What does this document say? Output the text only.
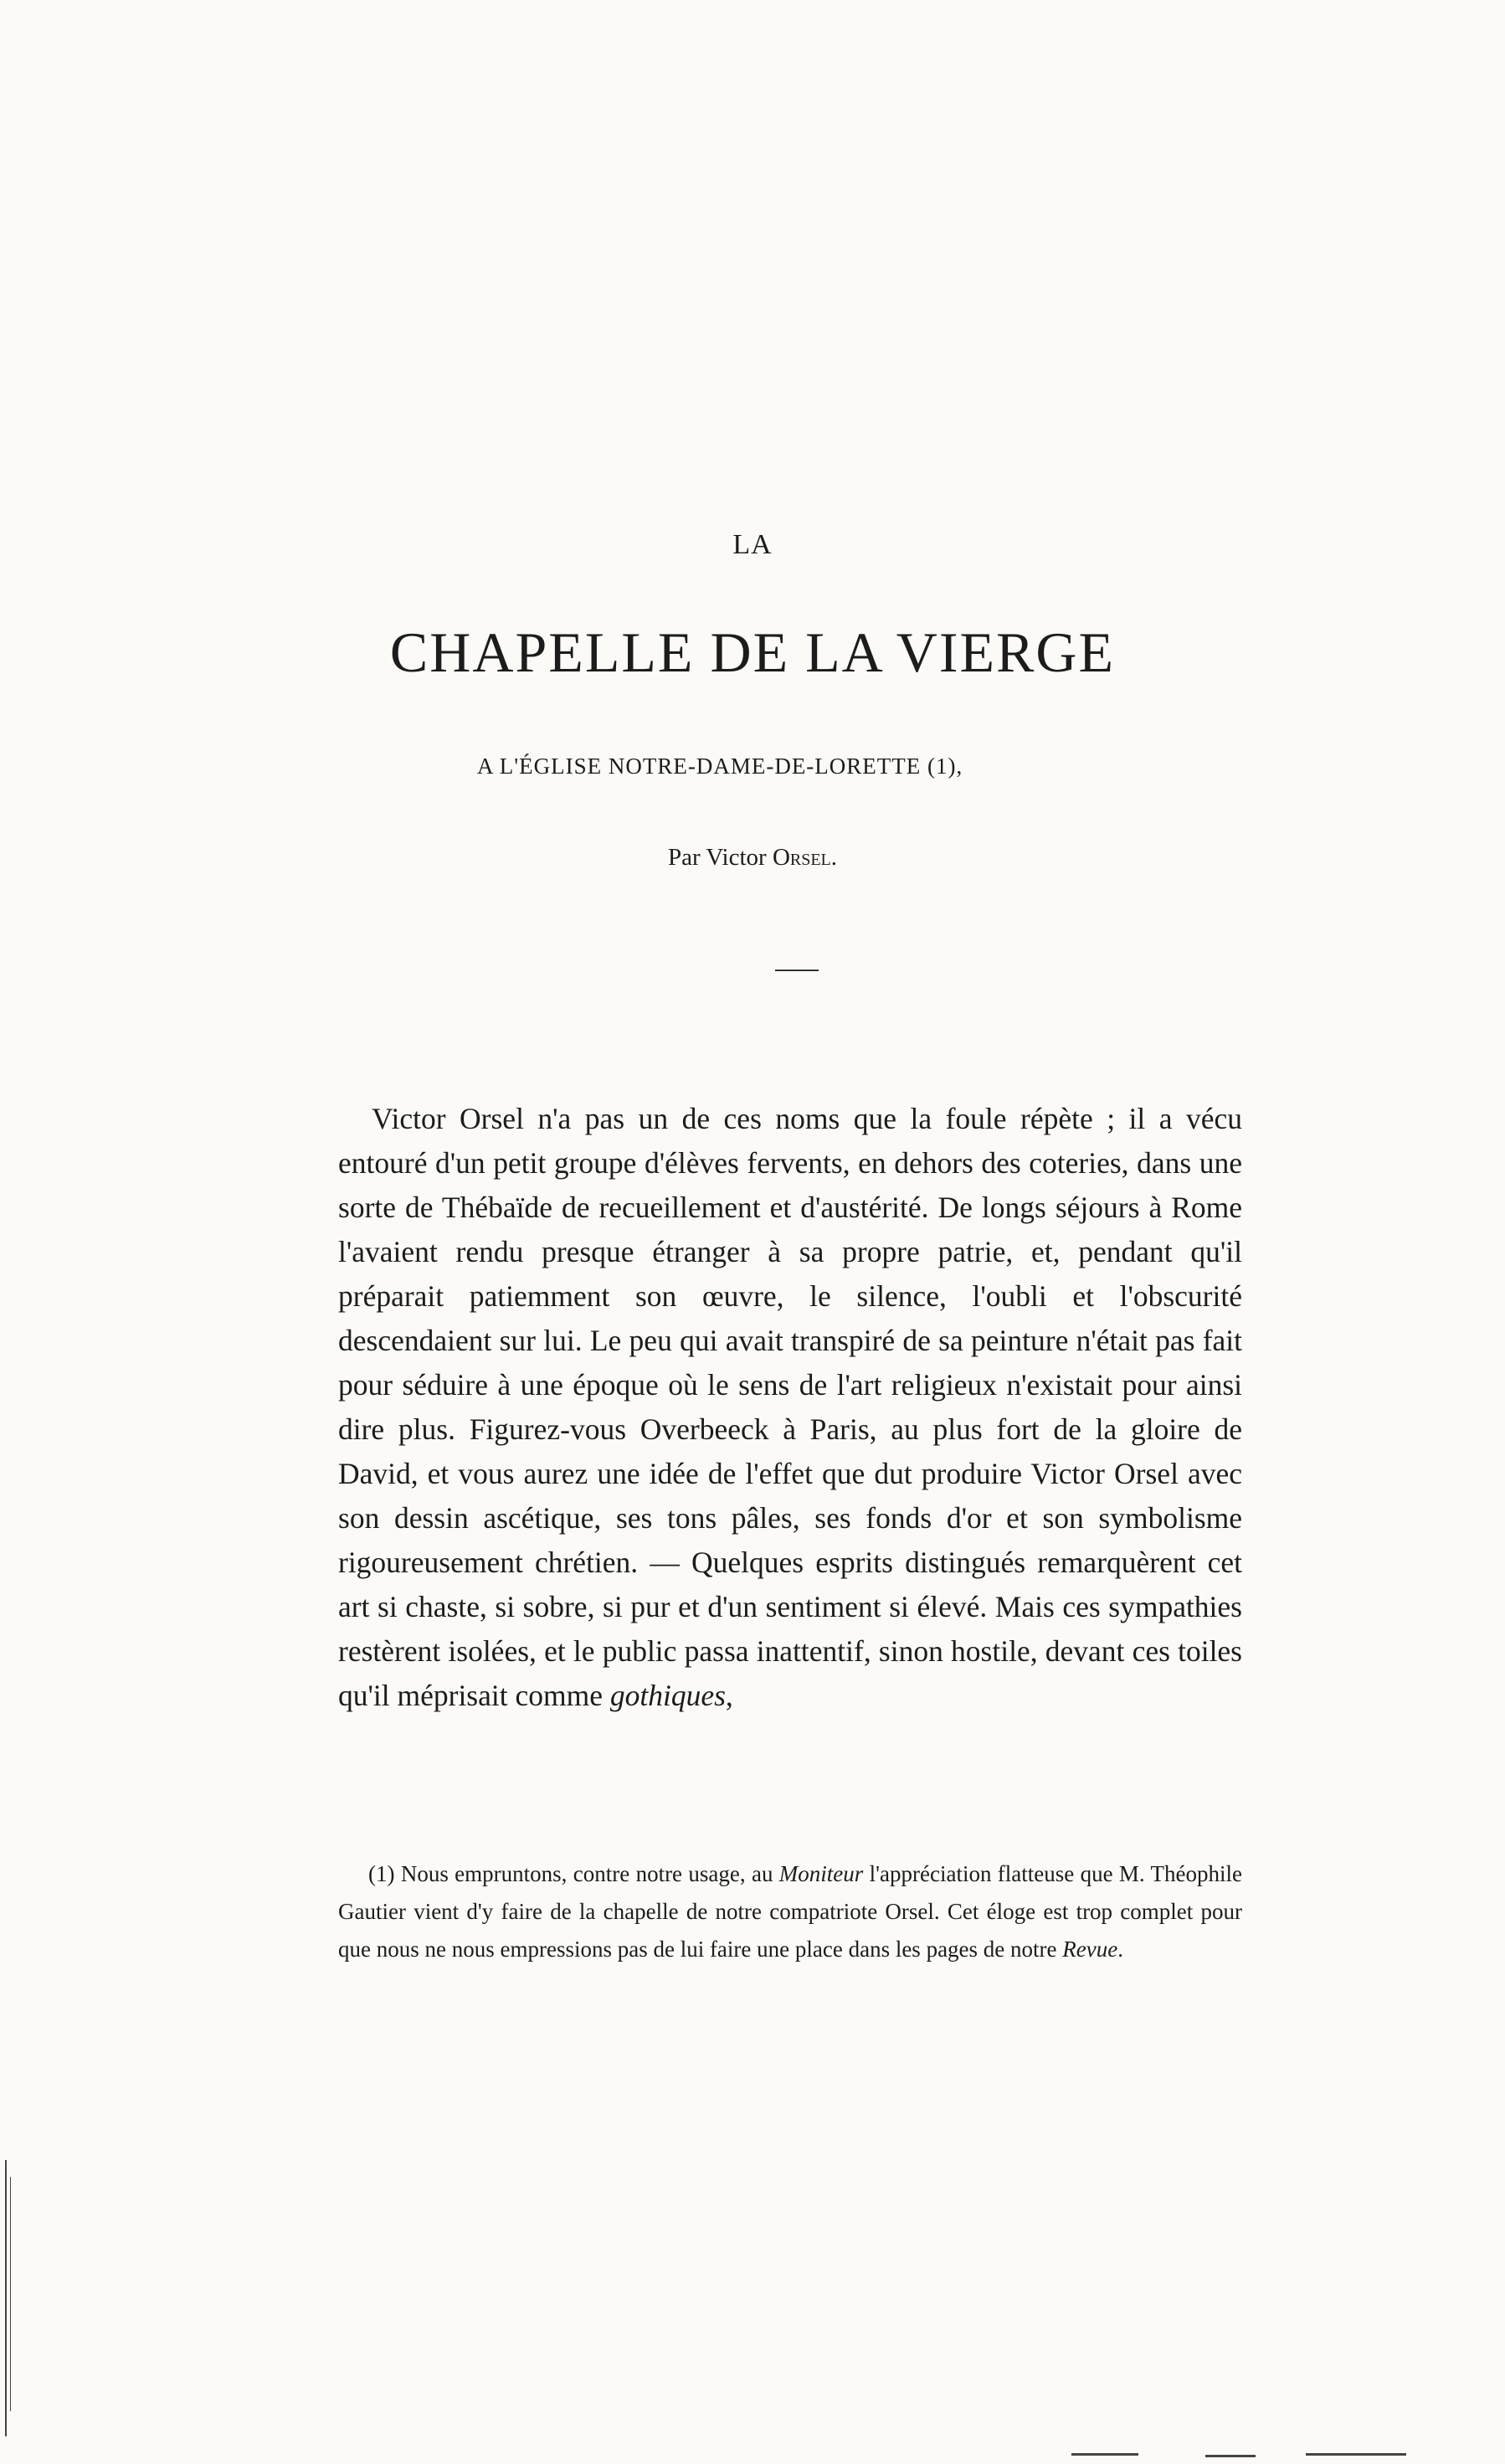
LA
CHAPELLE DE LA VIERGE
A L'ÉGLISE NOTRE-DAME-DE-LORETTE (1),
Par Victor Orsel.

Victor Orsel n'a pas un de ces noms que la foule répète ; il a vécu entouré d'un petit groupe d'élèves fervents, en dehors des coteries, dans une sorte de Thébaïde de recueillement et d'austérité. De longs séjours à Rome l'avaient rendu presque étranger à sa propre patrie, et, pendant qu'il préparait patiemment son œuvre, le silence, l'oubli et l'obscurité descendaient sur lui. Le peu qui avait transpiré de sa peinture n'était pas fait pour séduire à une époque où le sens de l'art religieux n'existait pour ainsi dire plus. Figurez-vous Overbeeck à Paris, au plus fort de la gloire de David, et vous aurez une idée de l'effet que dut produire Victor Orsel avec son dessin ascétique, ses tons pâles, ses fonds d'or et son symbolisme rigoureusement chrétien. — Quelques esprits distingués remarquèrent cet art si chaste, si sobre, si pur et d'un sentiment si élevé. Mais ces sympathies restèrent isolées, et le public passa inattentif, sinon hostile, devant ces toiles qu'il méprisait comme gothiques,

(1) Nous empruntons, contre notre usage, au Moniteur l'appréciation flatteuse que M. Théophile Gautier vient d'y faire de la chapelle de notre compatriote Orsel. Cet éloge est trop complet pour que nous ne nous empressions pas de lui faire une place dans les pages de notre Revue.
